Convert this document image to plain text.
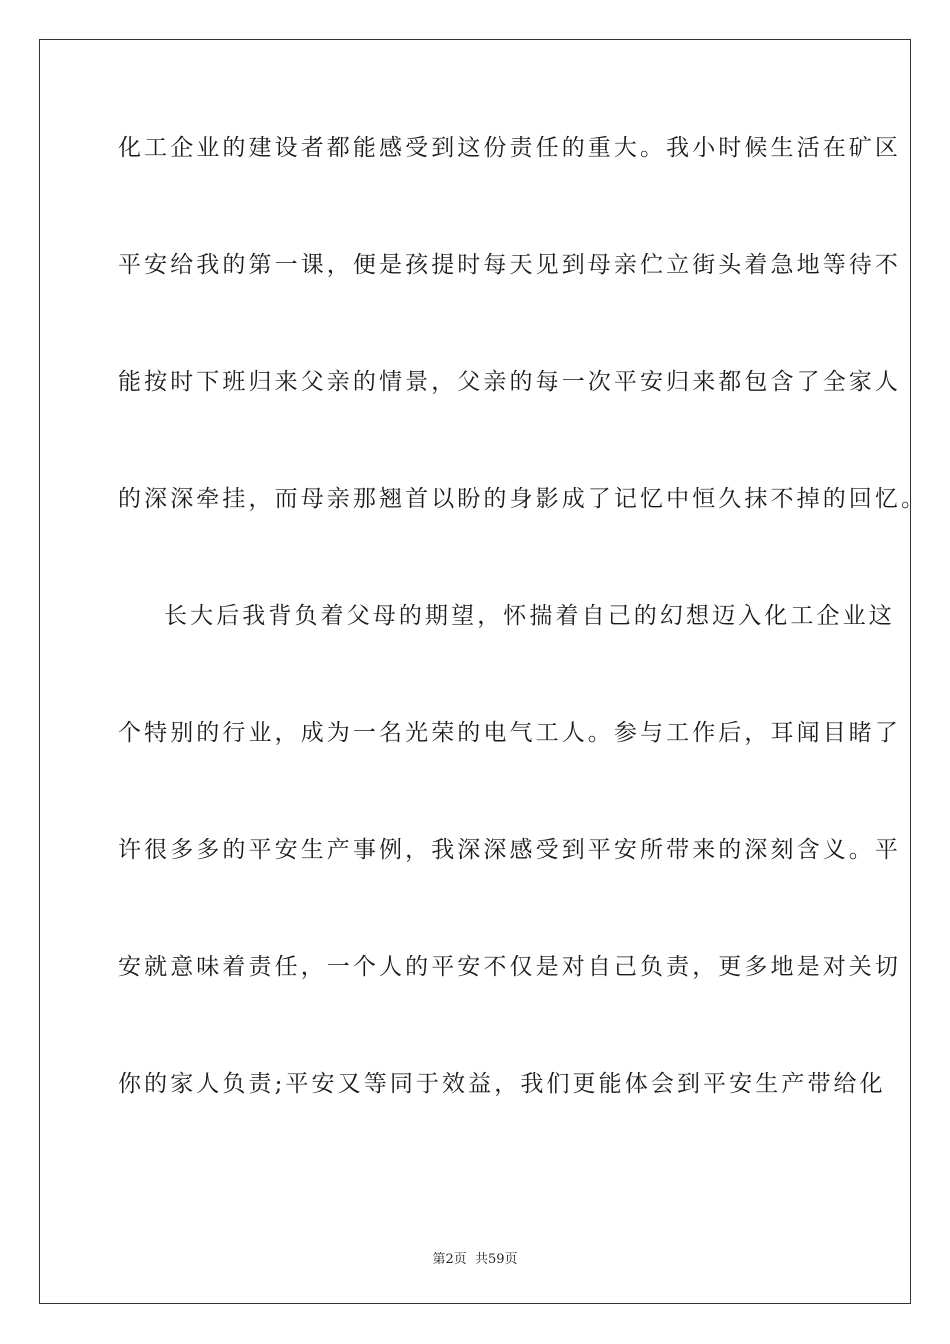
化工企业的建设者都能感受到这份责任的重大。我小时候生活在矿区
平安给我的第一课，便是孩提时每天见到母亲伫立街头着急地等待不
能按时下班归来父亲的情景，父亲的每一次平安归来都包含了全家人
的深深牵挂，而母亲那翘首以盼的身影成了记忆中恒久抹不掉的回忆。
长大后我背负着父母的期望，怀揣着自己的幻想迈入化工企业这
个特别的行业，成为一名光荣的电气工人。参与工作后，耳闻目睹了
许很多多的平安生产事例，我深深感受到平安所带来的深刻含义。平
安就意味着责任，一个人的平安不仅是对自己负责，更多地是对关切
你的家人负责;平安又等同于效益，我们更能体会到平安生产带给化
第2页 共59页
